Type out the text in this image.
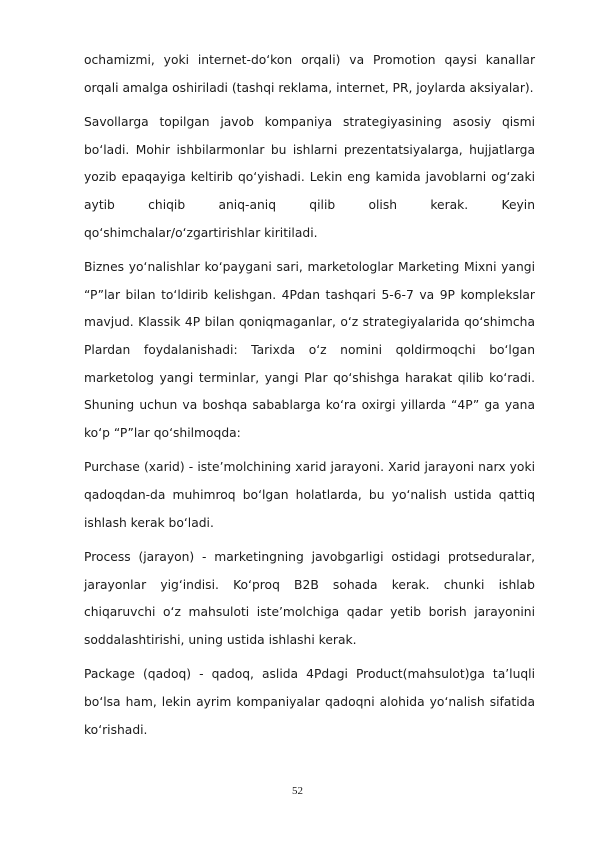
ochamizmi, yoki internet-do‘kon orqali) va Promotion qaysi kanallar orqali amalga oshiriladi (tashqi reklama, internet, PR, joylarda aksiyalar).

Savollarga topilgan javob kompaniya strategiyasining asosiy qismi bo‘ladi. Mohir ishbilarmonlar bu ishlarni prezentatsiyalarga, hujjatlarga yozib epaqayiga keltirib qo‘yishadi. Lekin eng kamida javoblarni og‘zaki aytib chiqib aniq-aniq qilib olish kerak. Keyin qo‘shimchalar/o‘zgartirishlar kiritiladi.

Biznes yo‘nalishlar ko‘paygani sari, marketologlar Marketing Mixni yangi “P”lar bilan to‘ldirib kelishgan. 4Pdan tashqari 5-6-7 va 9P komplekslar mavjud. Klassik 4P bilan qoniqmaganlar, o‘z strategiyalarida qo‘shimcha Plardan foydalanishadi: Tarixda o‘z nomini qoldirmoqchi bo‘lgan marketolog yangi terminlar, yangi Plar qo‘shishga harakat qilib ko‘radi. Shuning uchun va boshqa sabablarga ko‘ra oxirgi yillarda “4P” ga yana ko‘p “P”lar qo‘shilmoqda:

Purchase (xarid) - iste’molchining xarid jarayoni. Xarid jarayoni narx yoki qadoqdan-da muhimroq bo‘lgan holatlarda, bu yo‘nalish ustida qattiq ishlash kerak bo‘ladi.

Process (jarayon) - marketingning javobgarligi ostidagi protseduralar, jarayonlar yig‘indisi. Ko‘proq B2B sohada kerak. chunki ishlab chiqaruvchi o‘z mahsuloti iste’molchiga qadar yetib borish jarayonini soddalashtirishi, uning ustida ishlashi kerak.

Package (qadoq) - qadoq, aslida 4Pdagi Product(mahsulot)ga ta’luqli bo‘lsa ham, lekin ayrim kompaniyalar qadoqni alohida yo‘nalish sifatida ko‘rishadi.

52
